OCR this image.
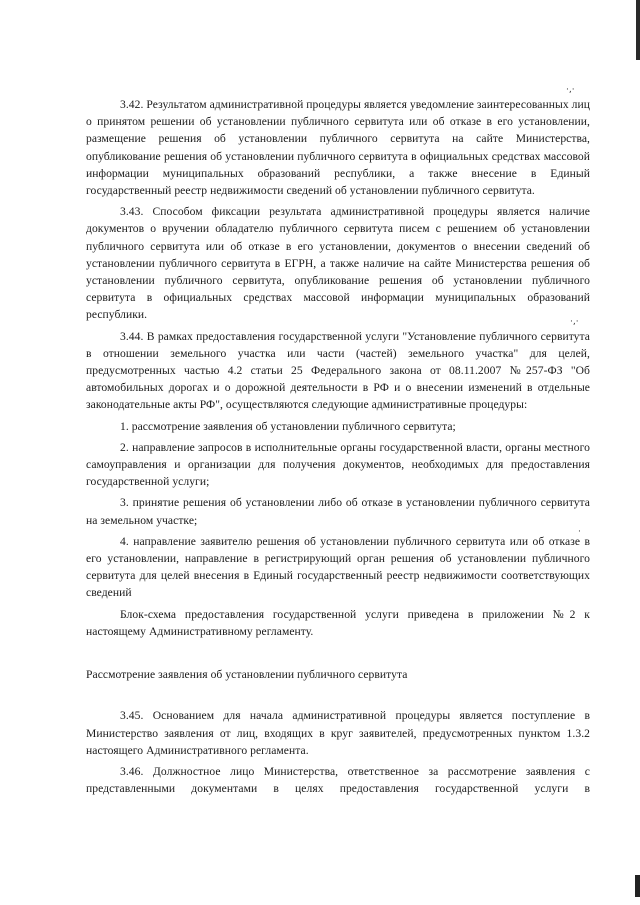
·,·
·,·
·

3.42. Результатом административной процедуры является уведомление заинтересованных лиц о принятом решении об установлении публичного сервитута или об отказе в его установлении, размещение решения об установлении публичного сервитута на сайте Министерства, опубликование решения об установлении публичного сервитута в официальных средствах массовой информации муниципальных образований республики, а также внесение в Единый государственный реестр недвижимости сведений об установлении публичного сервитута.

3.43. Способом фиксации результата административной процедуры является наличие документов о вручении обладателю публичного сервитута писем с решением об установлении публичного сервитута или об отказе в его установлении, документов о внесении сведений об установлении публичного сервитута в ЕГРН, а также наличие на сайте Министерства решения об установлении публичного сервитута, опубликование решения об установлении публичного сервитута в официальных средствах массовой информации муниципальных образований республики.

3.44. В рамках предоставления государственной услуги "Установление публичного сервитута в отношении земельного участка или части (частей) земельного участка" для целей, предусмотренных частью 4.2 статьи 25 Федерального закона от 08.11.2007 №257-ФЗ "Об автомобильных дорогах и о дорожной деятельности в РФ и о внесении изменений в отдельные законодательные акты РФ", осуществляются следующие административные процедуры:

1. рассмотрение заявления об установлении публичного сервитута;

2. направление запросов в исполнительные органы государственной власти, органы местного самоуправления и организации для получения документов, необходимых для предоставления государственной услуги;

3. принятие решения об установлении либо об отказе в установлении публичного сервитута на земельном участке;

4. направление заявителю решения об установлении публичного сервитута или об отказе в его установлении, направление в регистрирующий орган решения об установлении публичного сервитута для целей внесения в Единый государственный реестр недвижимости соответствующих сведений

Блок-схема предоставления государственной услуги приведена в приложении №2 к настоящему Административному регламенту.

Рассмотрение заявления об установлении публичного сервитута

3.45. Основанием для начала административной процедуры является поступление в Министерство заявления от лиц, входящих в круг заявителей, предусмотренных пунктом 1.3.2 настоящего Административного регламента.

3.46. Должностное лицо Министерства, ответственное за рассмотрение заявления с представленными документами в целях предоставления государственной услуги в
